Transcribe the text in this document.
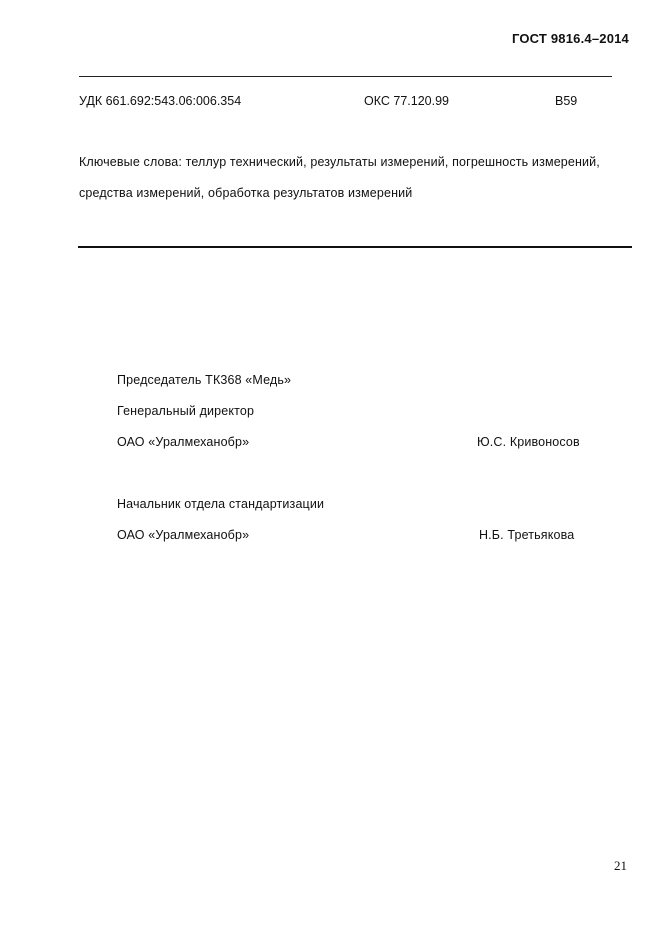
ГОСТ 9816.4–2014
УДК 661.692:543.06:006.354	ОКС 77.120.99	В59
Ключевые слова: теллур технический, результаты измерений, погрешность измерений,
средства измерений, обработка результатов измерений
Председатель ТК368 «Медь»
Генеральный директор
ОАО «Уралмеханобр»	Ю.С. Кривоносов
Начальник отдела стандартизации
ОАО «Уралмеханобр»	Н.Б. Третьякова
21
